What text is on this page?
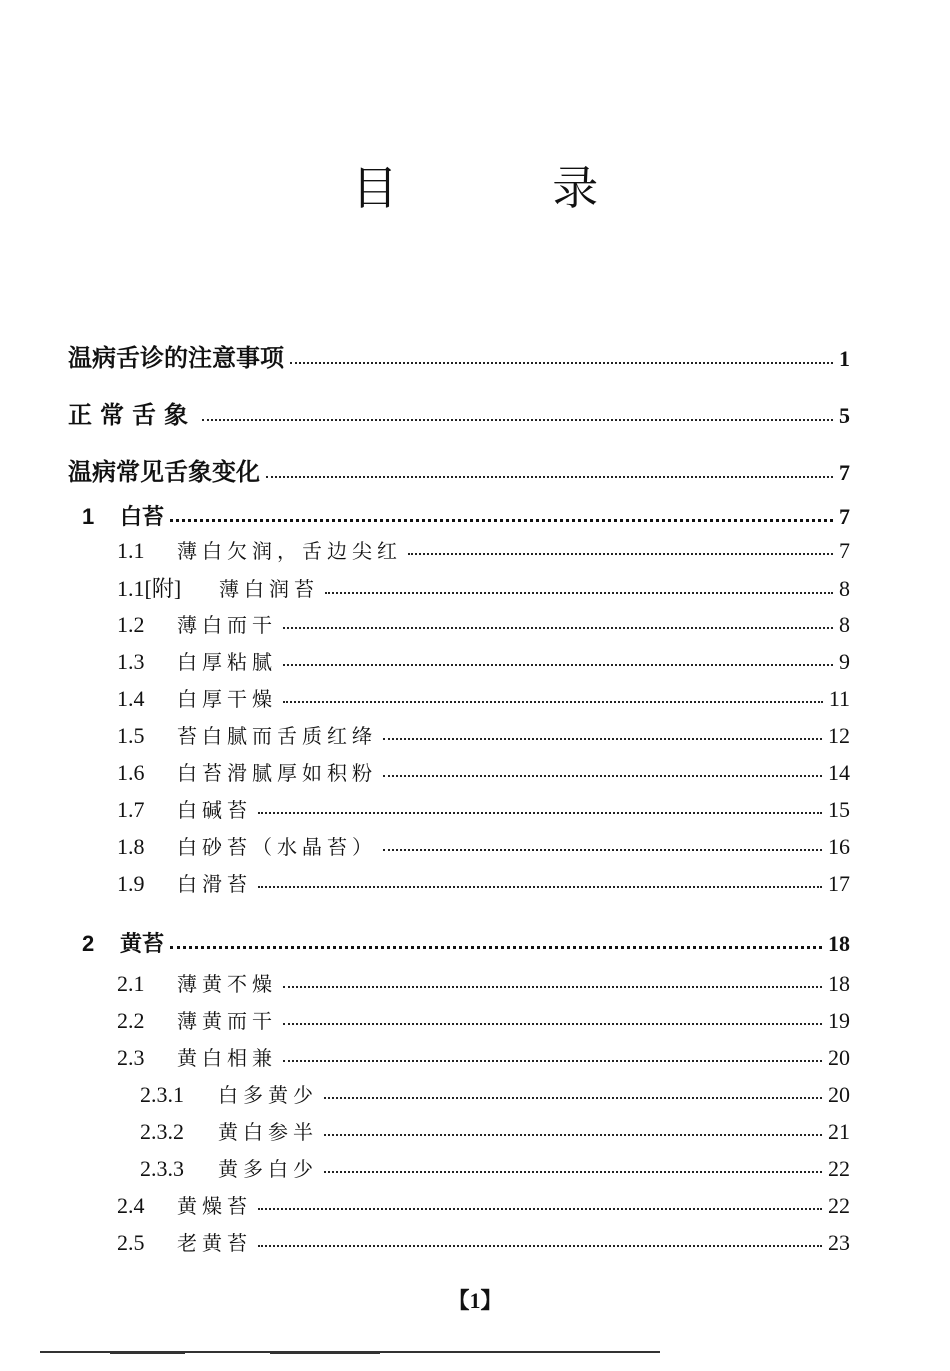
目 录
温病舌诊的注意事项	1
正常舌象	5
温病常见舌象变化	7
1	白苔	7
1.1	薄白欠润，舌边尖红	7
1.1[附]	薄白润苔	8
1.2	薄白而干	8
1.3	白厚粘腻	9
1.4	白厚干燥	11
1.5	苔白腻而舌质红绛	12
1.6	白苔滑腻厚如积粉	14
1.7	白碱苔	15
1.8	白砂苔（水晶苔）	16
1.9	白滑苔	17
2	黄苔	18
2.1	薄黄不燥	18
2.2	薄黄而干	19
2.3	黄白相兼	20
2.3.1	白多黄少	20
2.3.2	黄白参半	21
2.3.3	黄多白少	22
2.4	黄燥苔	22
2.5	老黄苔	23
【1】
